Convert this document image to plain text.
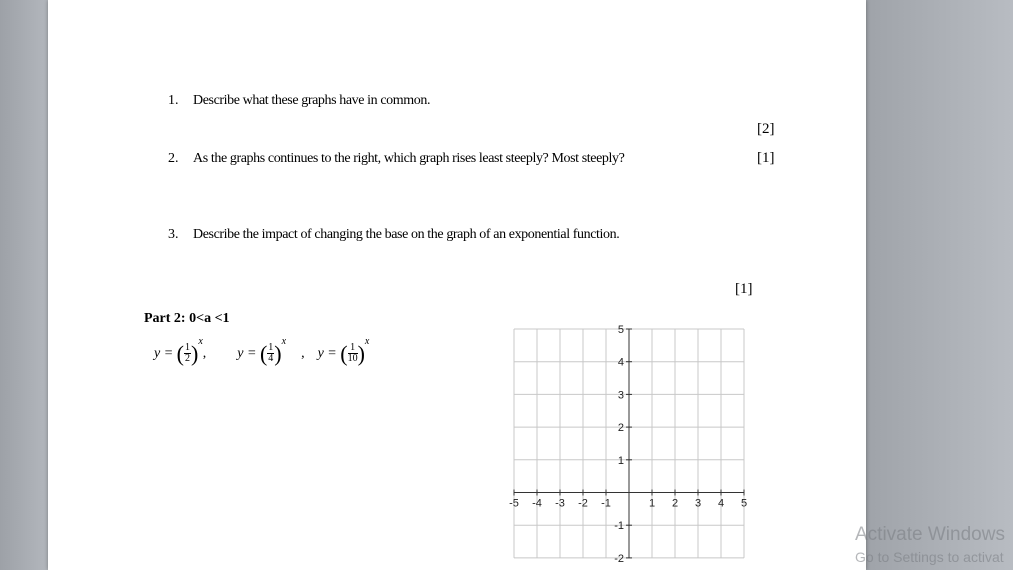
1. Describe what these graphs have in common.
[2]
2. As the graphs continues to the right, which graph rises least steeply? Most steeply?	[1]
3. Describe the impact of changing the base on the graph of an exponential function.
[1]
Part 2: 0<a <1
y = ( $\frac{1}{2} )^x$, y = ( $\frac{1}{4} )^x$  , y = ( $\frac{1}{10} )^x$
-5 -4 -3 -2 -1	1 2 3 4 5
5
4
3
2
1
-1
-2
Activate Windows
Go to Settings to activat
